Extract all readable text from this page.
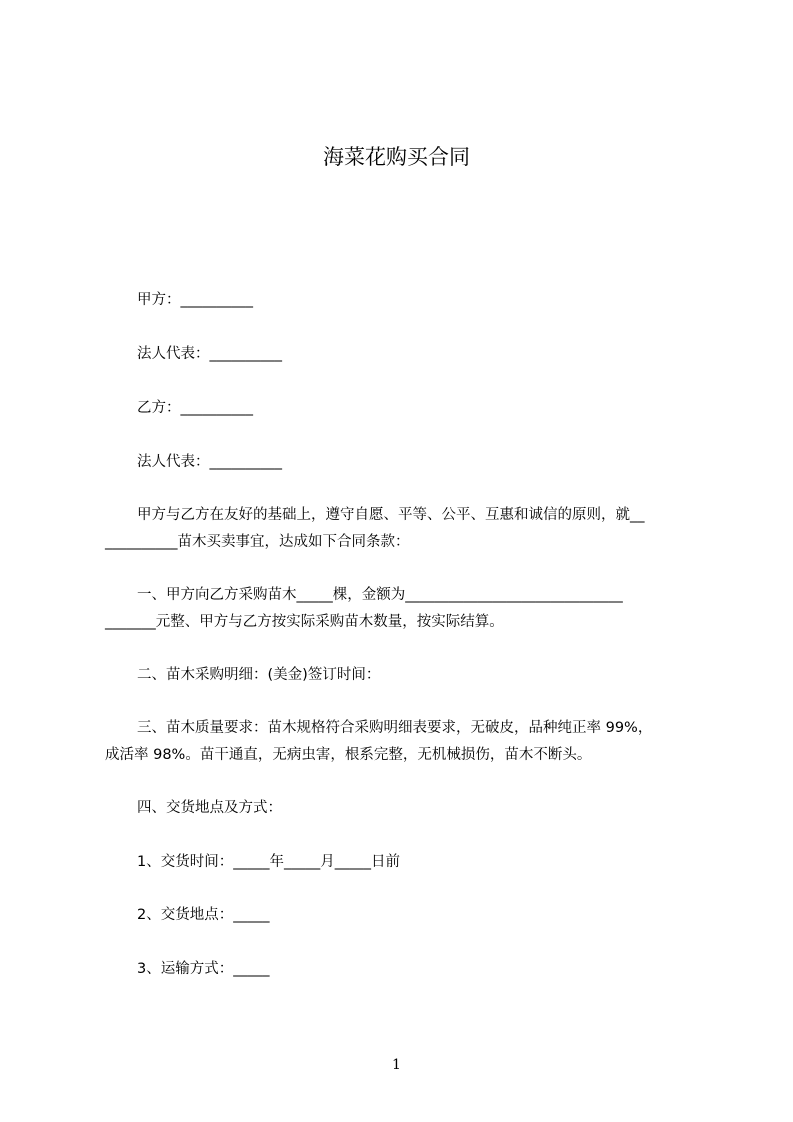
海菜花购买合同
甲方：__________
法人代表：__________
乙方：__________
法人代表：__________
甲方与乙方在友好的基础上，遵守自愿、平等、公平、互惠和诚信的原则，就__
__________苗木买卖事宜，达成如下合同条款：
一、甲方向乙方采购苗木_____棵，金额为______________________________
_______元整、甲方与乙方按实际采购苗木数量，按实际结算。
二、苗木采购明细：(美金)签订时间：
三、苗木质量要求：苗木规格符合采购明细表要求，无破皮，品种纯正率 99%，
成活率 98%。苗干通直，无病虫害，根系完整，无机械损伤，苗木不断头。
四、交货地点及方式：
1、交货时间：_____年_____月_____日前
2、交货地点：_____
3、运输方式：_____
1
